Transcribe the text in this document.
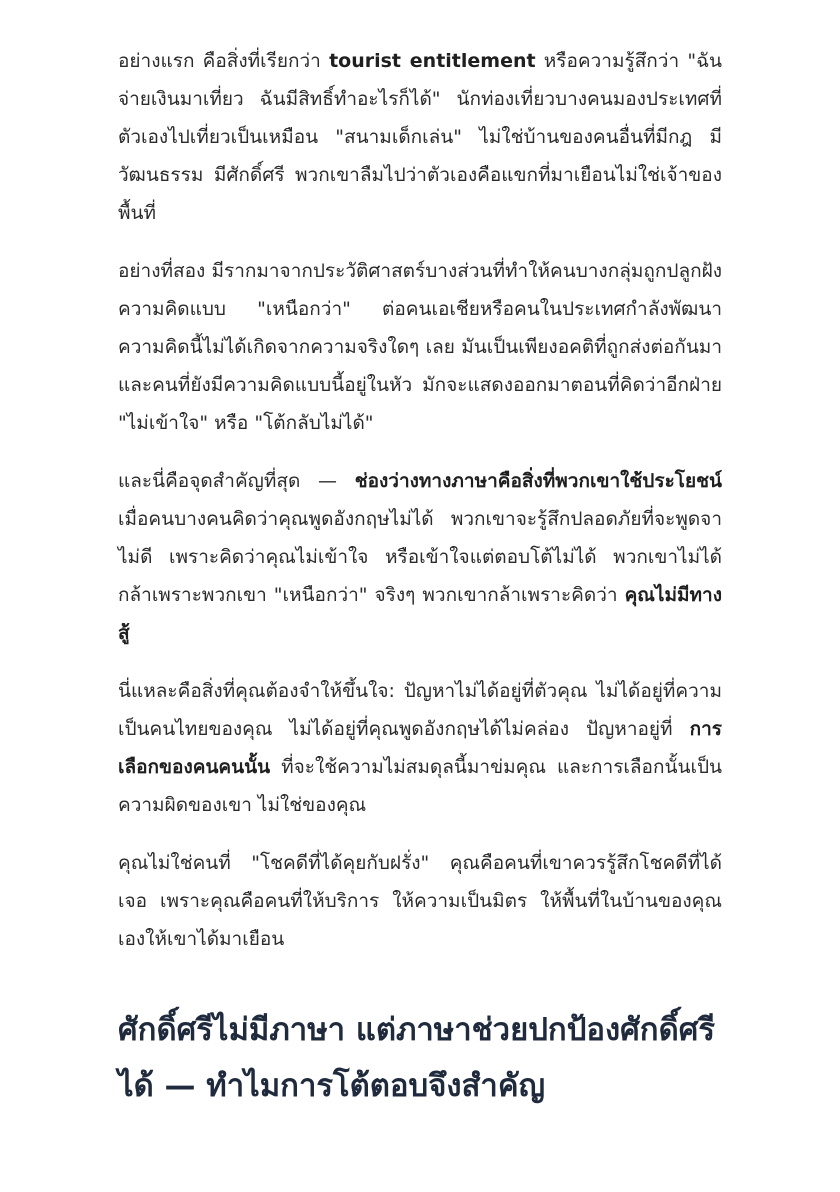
อย่างแรก คือสิ่งที่เรียกว่า tourist entitlement หรือความรู้สึกว่า "ฉันจ่ายเงินมาเที่ยว ฉันมีสิทธิ์ทำอะไรก็ได้" นักท่องเที่ยวบางคนมองประเทศที่ตัวเองไปเที่ยวเป็นเหมือน "สนามเด็กเล่น" ไม่ใช่บ้านของคนอื่นที่มีกฎ มีวัฒนธรรม มีศักดิ์ศรี พวกเขาลืมไปว่าตัวเองคือแขกที่มาเยือนไม่ใช่เจ้าของพื้นที่

อย่างที่สอง มีรากมาจากประวัติศาสตร์บางส่วนที่ทำให้คนบางกลุ่มถูกปลูกฝังความคิดแบบ "เหนือกว่า" ต่อคนเอเชียหรือคนในประเทศกำลังพัฒนา ความคิดนี้ไม่ได้เกิดจากความจริงใดๆ เลย มันเป็นเพียงอคติที่ถูกส่งต่อกันมา และคนที่ยังมีความคิดแบบนี้อยู่ในหัว มักจะแสดงออกมาตอนที่คิดว่าอีกฝ่าย "ไม่เข้าใจ" หรือ "โต้กลับไม่ได้"

และนี่คือจุดสำคัญที่สุด — ช่องว่างทางภาษาคือสิ่งที่พวกเขาใช้ประโยชน์ เมื่อคนบางคนคิดว่าคุณพูดอังกฤษไม่ได้ พวกเขาจะรู้สึกปลอดภัยที่จะพูดจาไม่ดี เพราะคิดว่าคุณไม่เข้าใจ หรือเข้าใจแต่ตอบโต้ไม่ได้ พวกเขาไม่ได้กล้าเพราะพวกเขา "เหนือกว่า" จริงๆ พวกเขากล้าเพราะคิดว่า คุณไม่มีทางสู้

นี่แหละคือสิ่งที่คุณต้องจำให้ขึ้นใจ: ปัญหาไม่ได้อยู่ที่ตัวคุณ ไม่ได้อยู่ที่ความเป็นคนไทยของคุณ ไม่ได้อยู่ที่คุณพูดอังกฤษได้ไม่คล่อง ปัญหาอยู่ที่ การเลือกของคนคนนั้น ที่จะใช้ความไม่สมดุลนี้มาข่มคุณ และการเลือกนั้นเป็นความผิดของเขา ไม่ใช่ของคุณ

คุณไม่ใช่คนที่ "โชคดีที่ได้คุยกับฝรั่ง" คุณคือคนที่เขาควรรู้สึกโชคดีที่ได้เจอ เพราะคุณคือคนที่ให้บริการ ให้ความเป็นมิตร ให้พื้นที่ในบ้านของคุณเองให้เขาได้มาเยือน

ศักดิ์ศรีไม่มีภาษา แต่ภาษาช่วยปกป้องศักดิ์ศรีได้ — ทำไมการโต้ตอบจึงสำคัญ
